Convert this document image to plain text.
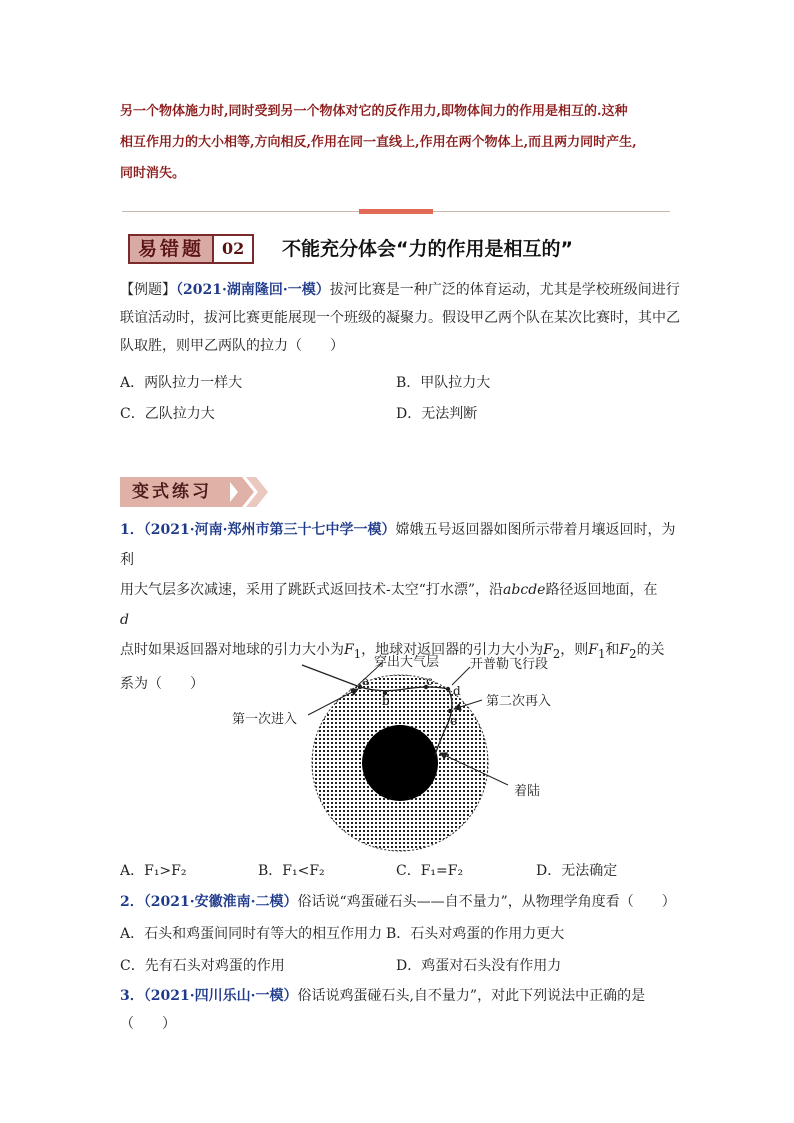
另一个物体施力时,同时受到另一个物体对它的反作用力,即物体间力的作用是相互的.这种
相互作用力的大小相等,方向相反,作用在同一直线上,作用在两个物体上,而且两力同时产生,
同时消失。
易错题	02	不能充分体会“力的作用是相互的”
【例题】（2021·湖南隆回·一模）拔河比赛是一种广泛的体育运动，尤其是学校班级间进行
联谊活动时，拔河比赛更能展现一个班级的凝聚力。假设甲乙两个队在某次比赛时，其中乙
队取胜，则甲乙两队的拉力（　　）
A．两队拉力一样大	B．甲队拉力大
C．乙队拉力大	D．无法判断
变式练习
1．（2021·河南·郑州市第三十七中学一模）嫦娥五号返回器如图所示带着月壤返回时，为利
用大气层多次减速，采用了跳跃式返回技术-太空“打水漂”，沿abcde路径返回地面，在d
点时如果返回器对地球的引力大小为$F_1$，地球对返回器的引力大小为$F_2$，则$F_1$和$F_2$的关
系为（　　）
穿出大气层 开普勒飞行段
第一次进入
第二次再入
着陆
a
b
c
d
e
A．F₁>F₂	B．F₁<F₂	C．F₁=F₂	D．无法确定
2．（2021·安徽淮南·二模）俗话说“鸡蛋碰石头——自不量力”，从物理学角度看（　　）
A．石头和鸡蛋间同时有等大的相互作用力 B．石头对鸡蛋的作用力更大
C．先有石头对鸡蛋的作用	D．鸡蛋对石头没有作用力
3．（2021·四川乐山·一模）俗话说鸡蛋碰石头,自不量力”，对此下列说法中正确的是（　　）
